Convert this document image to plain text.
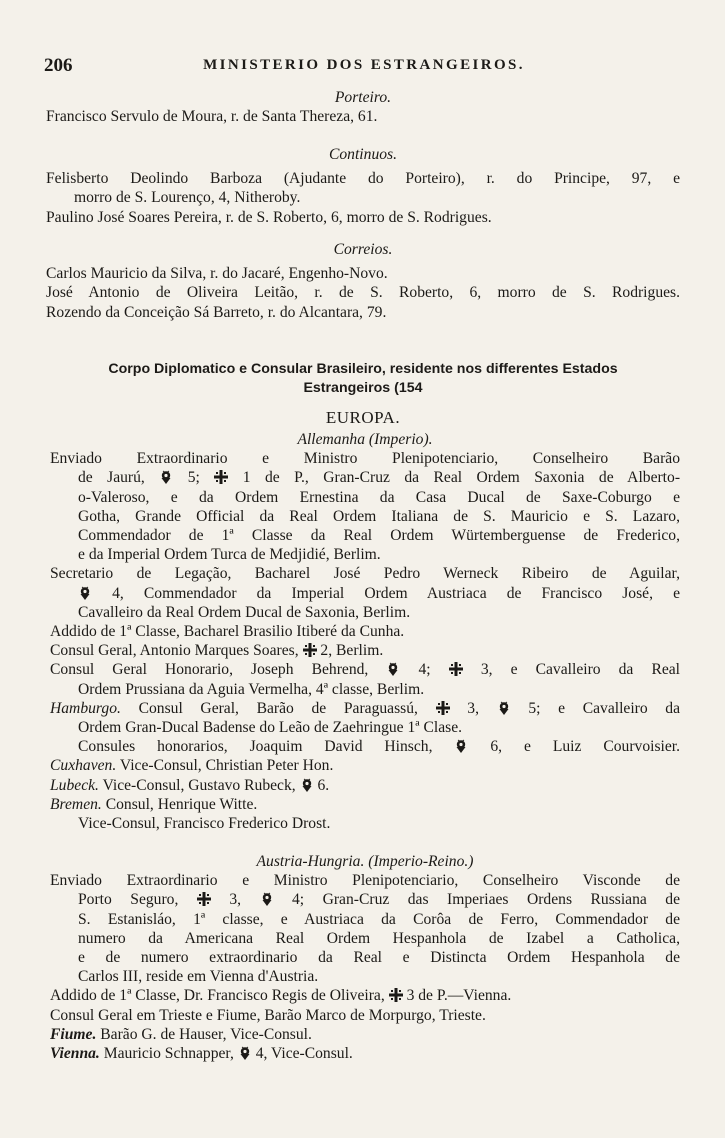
206	MINISTERIO DOS ESTRANGEIROS.
Porteiro.
Francisco Servulo de Moura, r. de Santa Thereza, 61.
Continuos.
Felisberto Deolindo Barboza (Ajudante do Porteiro), r. do Principe, 97, e
morro de S. Lourenço, 4, Nitheroby.
Paulino José Soares Pereira, r. de S. Roberto, 6, morro de S. Rodrigues.
Correios.
Carlos Mauricio da Silva, r. do Jacaré, Engenho-Novo.
José Antonio de Oliveira Leitão, r. de S. Roberto, 6, morro de S. Rodrigues.
Rozendo da Conceição Sá Barreto, r. do Alcantara, 79.
Corpo Diplomatico e Consular Brasileiro, residente nos differentes Estados
Estrangeiros (154
EUROPA.
Allemanha (Imperio).
Enviado Extraordinario e Ministro Plenipotenciario, Conselheiro Barão
de Jaurú,	5;	1 de P., Gran-Cruz da Real Ordem Saxonia de Alberto-
o-Valeroso, e da Ordem Ernestina da Casa Ducal de Saxe-Coburgo e
Gotha, Grande Official da Real Ordem Italiana de S. Mauricio e S. Lazaro,
Commendador de 1ª Classe da Real Ordem Würtemberguense de Frederico,
e da Imperial Ordem Turca de Medjidié, Berlim.
Secretario de Legação, Bacharel José Pedro Werneck Ribeiro de Aguilar,
4, Commendador da Imperial Ordem Austriaca de Francisco José, e
Cavalleiro da Real Ordem Ducal de Saxonia, Berlim.
Addido de 1ª Classe, Bacharel Brasilio Itiberé da Cunha.
Consul Geral, Antonio Marques Soares, 2, Berlim.
Consul Geral Honorario, Joseph Behrend,	4;	3, e Cavalleiro da Real
Ordem Prussiana da Aguia Vermelha, 4ª classe, Berlim.
Hamburgo. Consul Geral, Barão de Paraguassú,	3,	5; e Cavalleiro da
Ordem Gran-Ducal Badense do Leão de Zaehringue 1ª Clase.
Consules honorarios, Joaquim David Hinsch,	6, e Luiz Courvoisier.
Cuxhaven. Vice-Consul, Christian Peter Hon.
Lubeck. Vice-Consul, Gustavo Rubeck, 6.
Bremen. Consul, Henrique Witte.
Vice-Consul, Francisco Frederico Drost.
Austria-Hungria. (Imperio-Reino.)
Enviado Extraordinario e Ministro Plenipotenciario, Conselheiro Visconde de
Porto Seguro,	3,	4; Gran-Cruz das Imperiaes Ordens Russiana de
S. Estanisláo, 1ª classe, e Austriaca da Corôa de Ferro, Commendador de
numero da Americana Real Ordem Hespanhola de Izabel a Catholica,
e de numero extraordinario da Real e Distincta Ordem Hespanhola de
Carlos III, reside em Vienna d'Austria.
Addido de 1ª Classe, Dr. Francisco Regis de Oliveira, 3 de P.—Vienna.
Consul Geral em Trieste e Fiume, Barão Marco de Morpurgo, Trieste.
Fiume. Barão G. de Hauser, Vice-Consul.
Vienna. Mauricio Schnapper, 4, Vice-Consul.
